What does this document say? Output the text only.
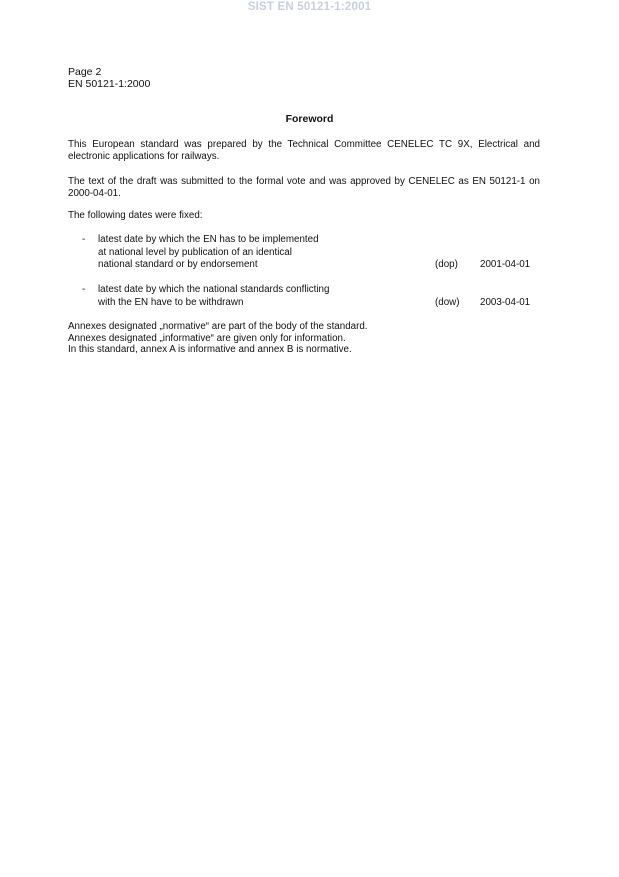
SIST EN 50121-1:2001
Page 2
EN 50121-1:2000
Foreword
This European standard was prepared by the Technical Committee CENELEC TC 9X, Electrical and electronic applications for railways.
The text of the draft was submitted to the formal vote and was approved by CENELEC as EN 50121-1 on 2000-04-01.
The following dates were fixed:
- latest date by which the EN has to be implemented
at national level by publication of an identical
national standard or by endorsement	(dop) 2001-04-01
- latest date by which the national standards conflicting
with the EN have to be withdrawn	(dow) 2003-04-01
Annexes designated „normative“ are part of the body of the standard.
Annexes designated „informative“ are given only for information.
In this standard, annex A is informative and annex B is normative.
